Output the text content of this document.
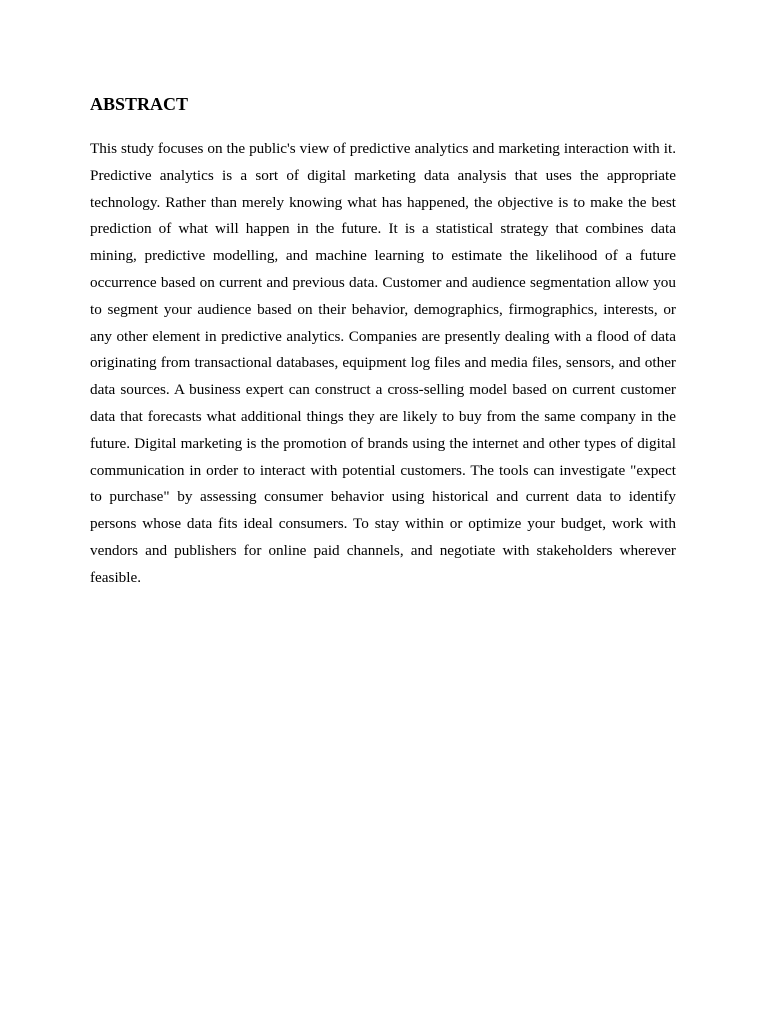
ABSTRACT

This study focuses on the public's view of predictive analytics and marketing interaction with it. Predictive analytics is a sort of digital marketing data analysis that uses the appropriate technology. Rather than merely knowing what has happened, the objective is to make the best prediction of what will happen in the future. It is a statistical strategy that combines data mining, predictive modelling, and machine learning to estimate the likelihood of a future occurrence based on current and previous data. Customer and audience segmentation allow you to segment your audience based on their behavior, demographics, firmographics, interests, or any other element in predictive analytics. Companies are presently dealing with a flood of data originating from transactional databases, equipment log files and media files, sensors, and other data sources. A business expert can construct a cross-selling model based on current customer data that forecasts what additional things they are likely to buy from the same company in the future. Digital marketing is the promotion of brands using the internet and other types of digital communication in order to interact with potential customers. The tools can investigate "expect to purchase" by assessing consumer behavior using historical and current data to identify persons whose data fits ideal consumers. To stay within or optimize your budget, work with vendors and publishers for online paid channels, and negotiate with stakeholders wherever feasible.
